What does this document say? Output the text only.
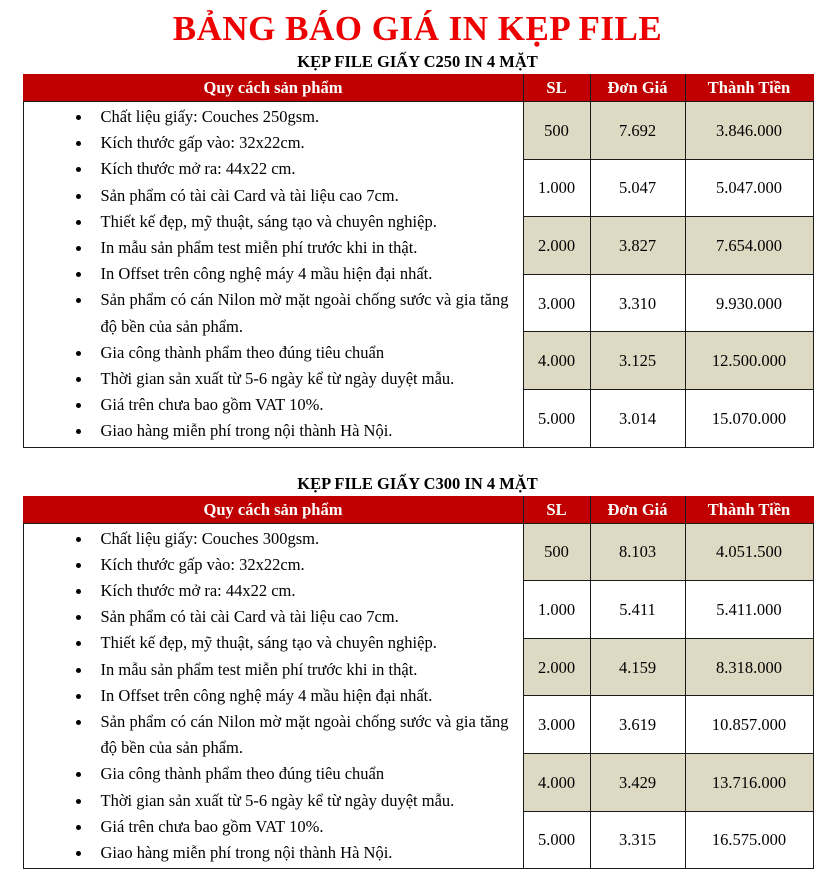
BẢNG BÁO GIÁ IN KẸP FILE
KẸP FILE GIẤY C250 IN 4 MẶT
Quy cách sản phẩm	SL	Đơn Giá	Thành Tiền

Chất liệu giấy: Couches 250gsm.
Kích thước gấp vào: 32x22cm.
Kích thước mở ra: 44x22 cm.
Sản phẩm có tài cài Card và tài liệu cao 7cm.
Thiết kế đẹp, mỹ thuật, sáng tạo và chuyên nghiệp.
In mẫu sản phẩm test miễn phí trước khi in thật.
In Offset trên công nghệ máy 4 mầu hiện đại nhất.
Sản phẩm có cán Nilon mờ mặt ngoài chống sước và gia tăng độ bền của sản phẩm.
Gia công thành phẩm theo đúng tiêu chuẩn
Thời gian sản xuất từ 5-6 ngày kể từ ngày duyệt mẫu.
Giá trên chưa bao gồm VAT 10%.
Giao hàng miễn phí trong nội thành Hà Nội.
	500	7.692	3.846.000
	1.000	5.047	5.047.000
	2.000	3.827	7.654.000
	3.000	3.310	9.930.000
	4.000	3.125	12.500.000
	5.000	3.014	15.070.000
KẸP FILE GIẤY C300 IN 4 MẶT
Quy cách sản phẩm	SL	Đơn Giá	Thành Tiền

Chất liệu giấy: Couches 300gsm.
Kích thước gấp vào: 32x22cm.
Kích thước mở ra: 44x22 cm.
Sản phẩm có tài cài Card và tài liệu cao 7cm.
Thiết kế đẹp, mỹ thuật, sáng tạo và chuyên nghiệp.
In mẫu sản phẩm test miễn phí trước khi in thật.
In Offset trên công nghệ máy 4 mầu hiện đại nhất.
Sản phẩm có cán Nilon mờ mặt ngoài chống sước và gia tăng độ bền của sản phẩm.
Gia công thành phẩm theo đúng tiêu chuẩn
Thời gian sản xuất từ 5-6 ngày kể từ ngày duyệt mẫu.
Giá trên chưa bao gồm VAT 10%.
Giao hàng miễn phí trong nội thành Hà Nội.
	500	8.103	4.051.500
	1.000	5.411	5.411.000
	2.000	4.159	8.318.000
	3.000	3.619	10.857.000
	4.000	3.429	13.716.000
	5.000	3.315	16.575.000
